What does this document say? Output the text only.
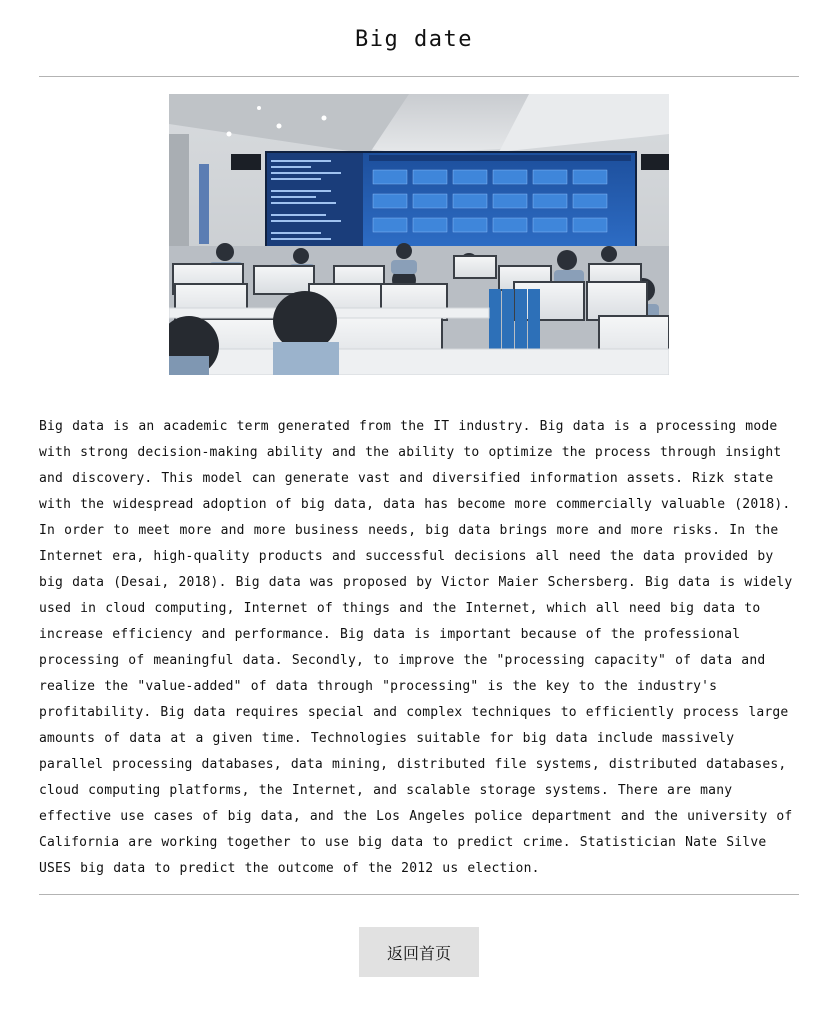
Big date
Big data is an academic term generated from the IT industry. Big data is a processing mode with strong decision-making ability and the ability to optimize the process through insight and discovery. This model can generate vast and diversified information assets. Rizk state with the widespread adoption of big data, data has become more commercially valuable (2018). In order to meet more and more business needs, big data brings more and more risks. In the Internet era, high-quality products and successful decisions all need the data provided by big data (Desai, 2018). Big data was proposed by Victor Maier Schersberg. Big data is widely used in cloud computing, Internet of things and the Internet, which all need big data to increase efficiency and performance. Big data is important because of the professional processing of meaningful data. Secondly, to improve the "processing capacity" of data and realize the "value-added" of data through "processing" is the key to the industry's profitability. Big data requires special and complex techniques to efficiently process large amounts of data at a given time. Technologies suitable for big data include massively parallel processing databases, data mining, distributed file systems, distributed databases, cloud computing platforms, the Internet, and scalable storage systems. There are many effective use cases of big data, and the Los Angeles police department and the university of California are working together to use big data to predict crime. Statistician Nate Silve USES big data to predict the outcome of the 2012 us election.
返回首页
